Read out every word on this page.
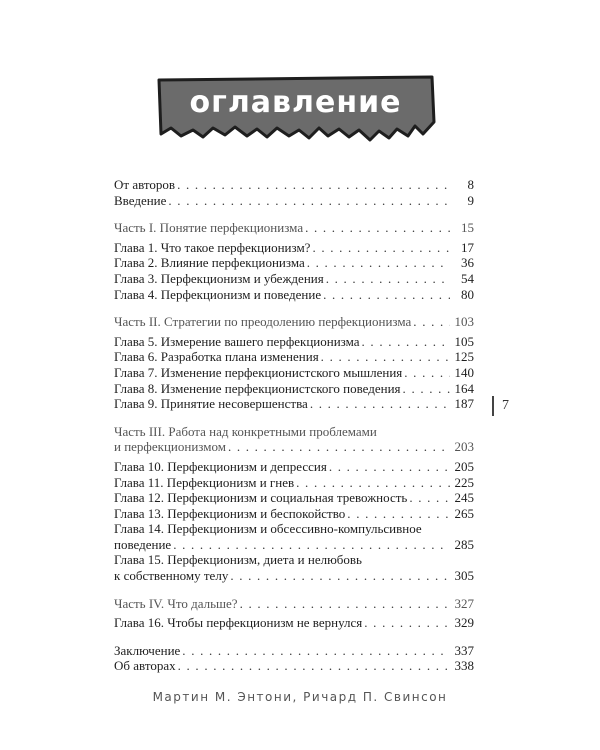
оглавление
От авторов . . .	8
Введение . . .	9
Часть I. Понятие перфекционизма . . .	15
Глава 1. Что такое перфекционизм? . . .	17
Глава 2. Влияние перфекционизма . . .	36
Глава 3. Перфекционизм и убеждения . . .	54
Глава 4. Перфекционизм и поведение . . .	80
Часть II. Стратегии по преодолению перфекционизма . . .	103
Глава 5. Измерение вашего перфекционизма . . .	105
Глава 6. Разработка плана изменения . . .	125
Глава 7. Изменение перфекционистского мышления . . .	140
Глава 8. Изменение перфекционистского поведения . . .	164
Глава 9. Принятие несовершенства . . .	187
Часть III. Работа над конкретными проблемами
и перфекционизмом . . .	203
Глава 10. Перфекционизм и депрессия . . .	205
Глава 11. Перфекционизм и гнев . . .	225
Глава 12. Перфекционизм и социальная тревожность . . .	245
Глава 13. Перфекционизм и беспокойство . . .	265
Глава 14. Перфекционизм и обсессивно-компульсивное
поведение . . .	285
Глава 15. Перфекционизм, диета и нелюбовь
к собственному телу . . .	305
Часть IV. Что дальше? . . .	327
Глава 16. Чтобы перфекционизм не вернулся . . .	329
Заключение . . .	337
Об авторах . . .	338
7
Мартин М. Энтони, Ричард П. Свинсон
